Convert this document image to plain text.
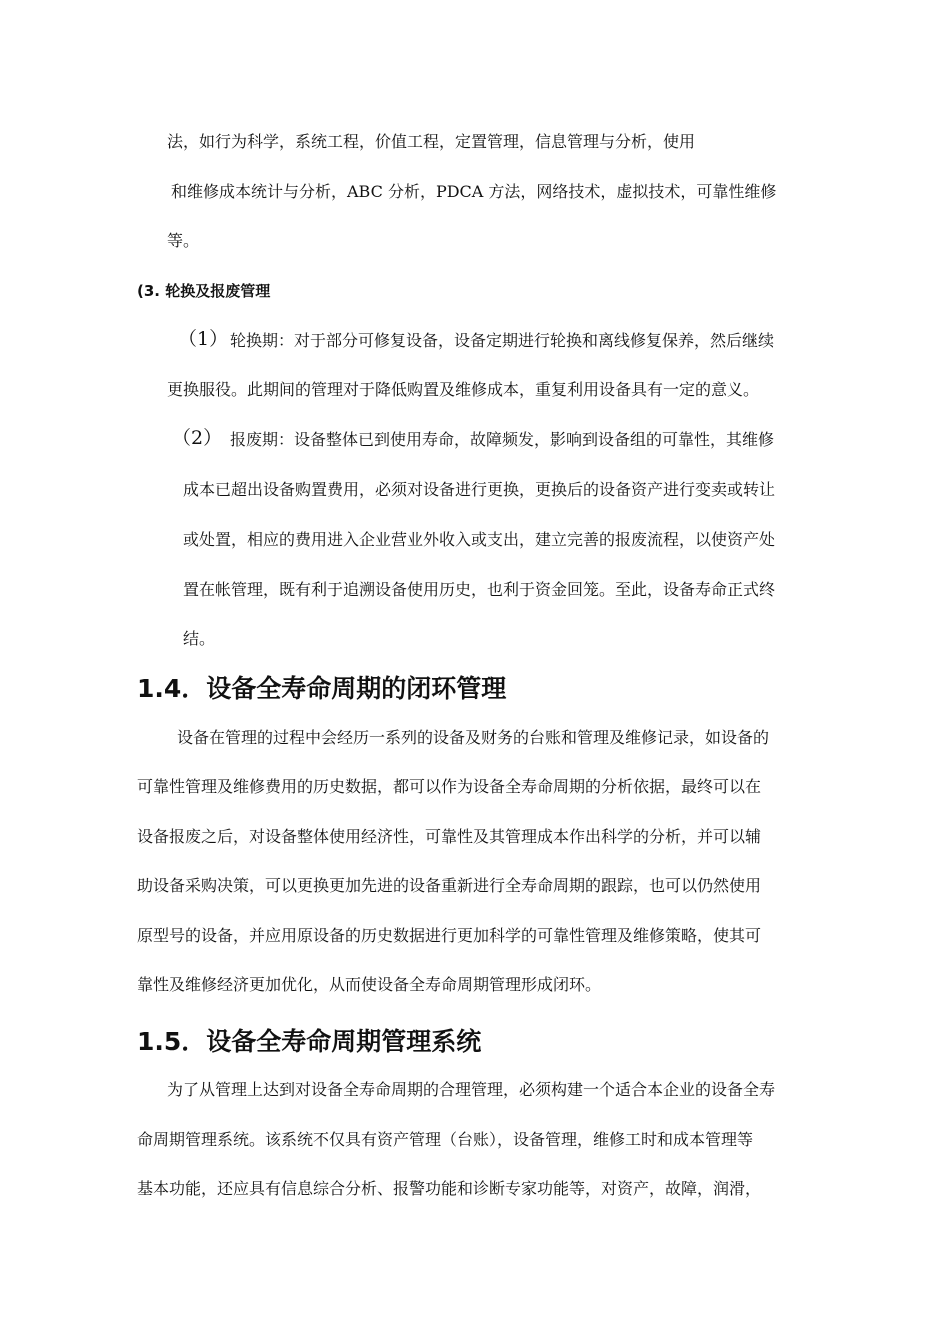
法，如行为科学，系统工程，价值工程，定置管理，信息管理与分析，使用
和维修成本统计与分析，ABC 分析，PDCA 方法，网络技术，虚拟技术，可靠性维修
等。
(3. 轮换及报废管理
（1） 轮换期：对于部分可修复设备，设备定期进行轮换和离线修复保养，然后继续
更换服役。此期间的管理对于降低购置及维修成本，重复利用设备具有一定的意义。
（2） 报废期：设备整体已到使用寿命，故障频发，影响到设备组的可靠性，其维修
成本已超出设备购置费用，必须对设备进行更换，更换后的设备资产进行变卖或转让
或处置，相应的费用进入企业营业外收入或支出，建立完善的报废流程，以使资产处
置在帐管理，既有利于追溯设备使用历史，也利于资金回笼。至此，设备寿命正式终
结。
1.4．设备全寿命周期的闭环管理
设备在管理的过程中会经历一系列的设备及财务的台账和管理及维修记录，如设备的
可靠性管理及维修费用的历史数据，都可以作为设备全寿命周期的分析依据，最终可以在
设备报废之后，对设备整体使用经济性，可靠性及其管理成本作出科学的分析，并可以辅
助设备采购决策，可以更换更加先进的设备重新进行全寿命周期的跟踪，也可以仍然使用
原型号的设备，并应用原设备的历史数据进行更加科学的可靠性管理及维修策略，使其可
靠性及维修经济更加优化，从而使设备全寿命周期管理形成闭环。
1.5．设备全寿命周期管理系统
为了从管理上达到对设备全寿命周期的合理管理，必须构建一个适合本企业的设备全寿
命周期管理系统。该系统不仅具有资产管理（台账），设备管理，维修工时和成本管理等
基本功能，还应具有信息综合分析、报警功能和诊断专家功能等，对资产，故障，润滑，
